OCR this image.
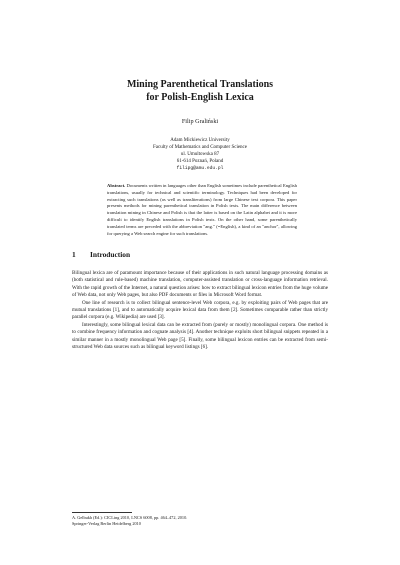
Mining Parenthetical Translations
for Polish-English Lexica
Filip Graliński
Adam Mickiewicz University
Faculty of Mathematics and Computer Science
ul. Umultowska 87
61-614 Poznań, Poland
filipg@amu.edu.pl
Abstract. Documents written in languages other than English sometimes include parenthetical English translations, usually for technical and scientific terminology. Techniques had been developed for extracting such translations (as well as transliterations) from large Chinese text corpora. This paper presents methods for mining parenthetical translation in Polish texts. The main difference between translation mining in Chinese and Polish is that the latter is based on the Latin alphabet and it is more difficult to identify English translations in Polish texts. On the other hand, some parenthetically translated terms are preceded with the abbreviation "ang." (=English), a kind of an "anchor", allowing for querying a Web search engine for such translations.
1 Introduction

Bilingual lexica are of paramount importance because of their applications in such natural language processing domains as (both statistical and rule-based) machine translation, computer-assisted translation or cross-language information retrieval. With the rapid growth of the Internet, a natural question arises: how to extract bilingual lexicon entries from the huge volume of Web data, not only Web pages, but also PDF documents or files in Microsoft Word format.

One line of research is to collect bilingual sentence-level Web corpora, e.g. by exploiting pairs of Web pages that are mutual translations [1], and to automatically acquire lexical data from them [2]. Sometimes comparable rather than strictly parallel corpora (e.g. Wikipedia) are used [3].

Interestingly, some bilingual lexical data can be extracted from (purely or mostly) monolingual corpora. One method is to combine frequency information and cognate analysis [4]. Another technique exploits short bilingual snippets repeated in a similar manner in a mostly monolingual Web page [5]. Finally, some bilingual lexicon entries can be extracted from semi-structured Web data sources such as bilingual keyword listings [6].

A. Gelbukh (Ed.): CICLing 2010, LNCS 6008, pp. 464–472, 2010.
Springer-Verlag Berlin Heidelberg 2010
